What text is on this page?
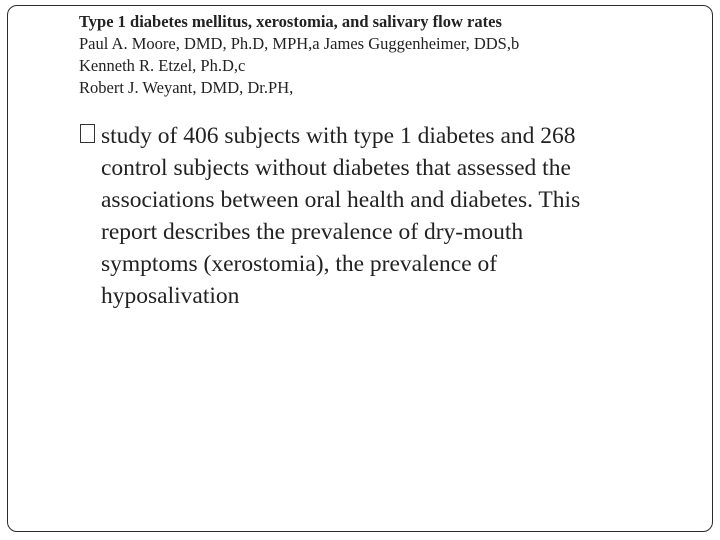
Type 1 diabetes mellitus, xerostomia, and salivary flow rates
Paul A. Moore, DMD, Ph.D, MPH,a James Guggenheimer, DDS,b
Kenneth R. Etzel, Ph.D,c
Robert J. Weyant, DMD, Dr.PH,
study of 406 subjects with type 1 diabetes and 268
control subjects without diabetes that assessed the
associations between oral health and diabetes. This
report describes the prevalence of dry-mouth
symptoms (xerostomia), the prevalence of
hyposalivation
